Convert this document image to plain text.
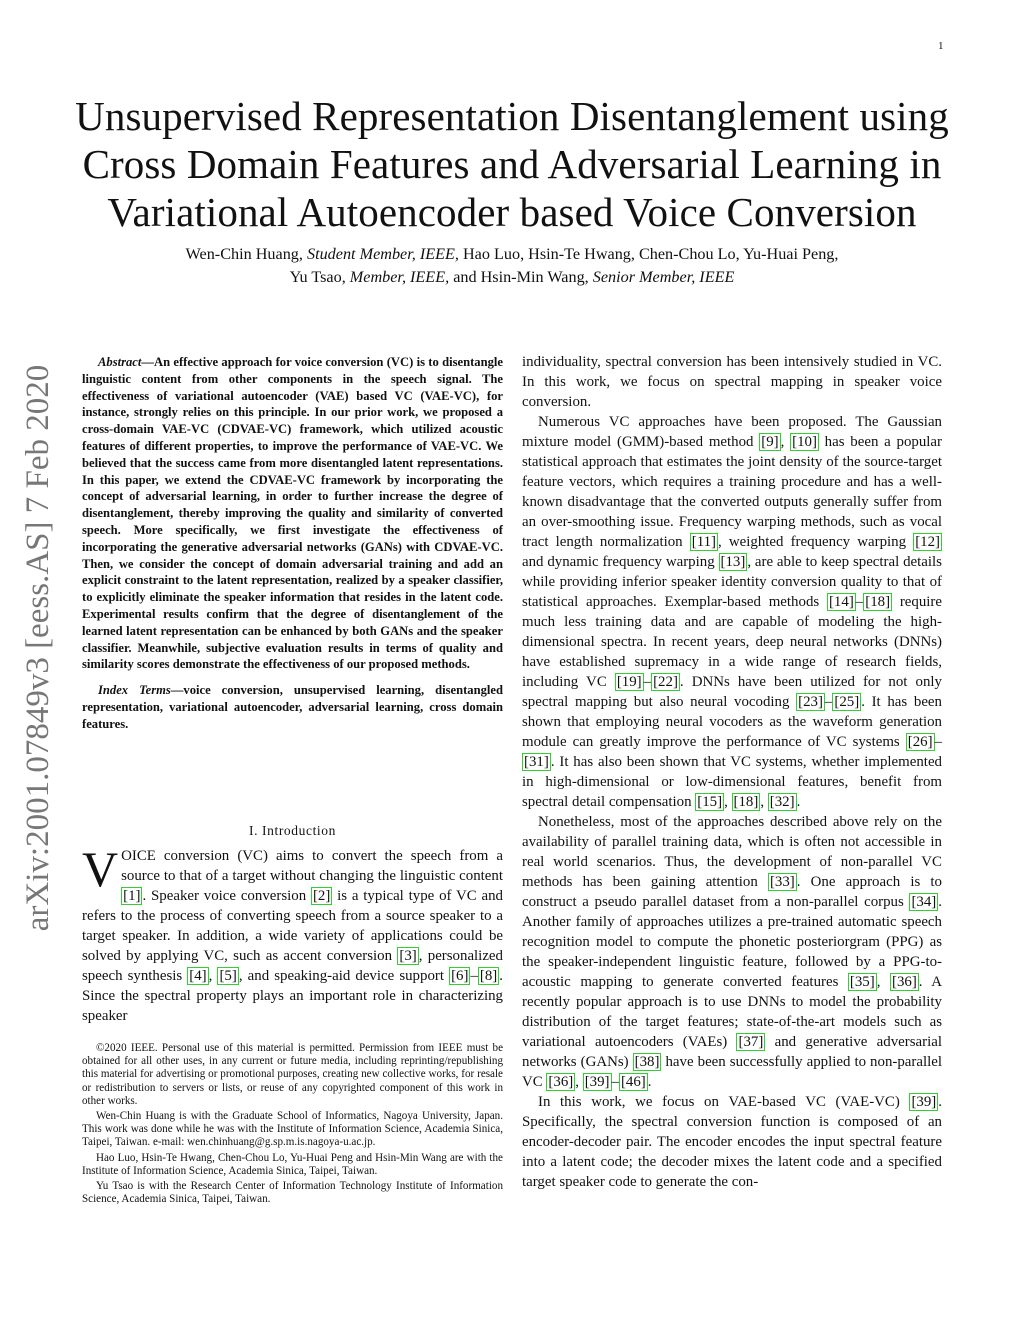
1
arXiv:2001.07849v3 [eess.AS] 7 Feb 2020
Unsupervised Representation Disentanglement using Cross Domain Features and Adversarial Learning in Variational Autoencoder based Voice Conversion
Wen-Chin Huang, Student Member, IEEE, Hao Luo, Hsin-Te Hwang, Chen-Chou Lo, Yu-Huai Peng,
Yu Tsao, Member, IEEE, and Hsin-Min Wang, Senior Member, IEEE

Abstract—An effective approach for voice conversion (VC) is to disentangle linguistic content from other components in the speech signal. The effectiveness of variational autoencoder (VAE) based VC (VAE-VC), for instance, strongly relies on this principle. In our prior work, we proposed a cross-domain VAE-VC (CDVAE-VC) framework, which utilized acoustic features of different properties, to improve the performance of VAE-VC. We believed that the success came from more disentangled latent representations. In this paper, we extend the CDVAE-VC framework by incorporating the concept of adversarial learning, in order to further increase the degree of disentanglement, thereby improving the quality and similarity of converted speech. More specifically, we first investigate the effectiveness of incorporating the generative adversarial networks (GANs) with CDVAE-VC. Then, we consider the concept of domain adversarial training and add an explicit constraint to the latent representation, realized by a speaker classifier, to explicitly eliminate the speaker information that resides in the latent code. Experimental results confirm that the degree of disentanglement of the learned latent representation can be enhanced by both GANs and the speaker classifier. Meanwhile, subjective evaluation results in terms of quality and similarity scores demonstrate the effectiveness of our proposed methods.

Index Terms—voice conversion, unsupervised learning, disentangled representation, variational autoencoder, adversarial learning, cross domain features.

I. Introduction

VOICE conversion (VC) aims to convert the speech from a source to that of a target without changing the linguistic content [1] . Speaker voice conversion [2] is a typical type of VC and refers to the process of converting speech from a source speaker to a target speaker. In addition, a wide variety of applications could be solved by applying VC, such as accent conversion [3] , personalized speech synthesis [4] , [5] , and speaking-aid device support [6] – [8] . Since the spectral property plays an important role in characterizing speaker

©2020 IEEE. Personal use of this material is permitted. Permission from IEEE must be obtained for all other uses, in any current or future media, including reprinting/republishing this material for advertising or promotional purposes, creating new collective works, for resale or redistribution to servers or lists, or reuse of any copyrighted component of this work in other works.

Wen-Chin Huang is with the Graduate School of Informatics, Nagoya University, Japan. This work was done while he was with the Institute of Information Science, Academia Sinica, Taipei, Taiwan. e-mail: wen.chinhuang@g.sp.m.is.nagoya-u.ac.jp.

Hao Luo, Hsin-Te Hwang, Chen-Chou Lo, Yu-Huai Peng and Hsin-Min Wang are with the Institute of Information Science, Academia Sinica, Taipei, Taiwan.

Yu Tsao is with the Research Center of Information Technology Institute of Information Science, Academia Sinica, Taipei, Taiwan.

individuality, spectral conversion has been intensively studied in VC. In this work, we focus on spectral mapping in speaker voice conversion.

Numerous VC approaches have been proposed. The Gaussian mixture model (GMM)-based method [9] , [10] has been a popular statistical approach that estimates the joint density of the source-target feature vectors, which requires a training procedure and has a well-known disadvantage that the converted outputs generally suffer from an over-smoothing issue. Frequency warping methods, such as vocal tract length normalization [11] , weighted frequency warping [12] and dynamic frequency warping [13] , are able to keep spectral details while providing inferior speaker identity conversion quality to that of statistical approaches. Exemplar-based methods [14] – [18] require much less training data and are capable of modeling the high-dimensional spectra. In recent years, deep neural networks (DNNs) have established supremacy in a wide range of research fields, including VC [19] – [22] . DNNs have been utilized for not only spectral mapping but also neural vocoding [23] – [25] . It has been shown that employing neural vocoders as the waveform generation module can greatly improve the performance of VC systems [26] –[31] . It has also been shown that VC systems, whether implemented in high-dimensional or low-dimensional features, benefit from spectral detail compensation [15] , [18] , [32] .

Nonetheless, most of the approaches described above rely on the availability of parallel training data, which is often not accessible in real world scenarios. Thus, the development of non-parallel VC methods has been gaining attention [33] . One approach is to construct a pseudo parallel dataset from a non-parallel corpus [34] . Another family of approaches utilizes a pre-trained automatic speech recognition model to compute the phonetic posteriorgram (PPG) as the speaker-independent linguistic feature, followed by a PPG-to-acoustic mapping to generate converted features [35] , [36] . A recently popular approach is to use DNNs to model the probability distribution of the target features; state-of-the-art models such as variational autoencoders (VAEs) [37] and generative adversarial networks (GANs) [38] have been successfully applied to non-parallel VC [36] , [39] – [46] .

In this work, we focus on VAE-based VC (VAE-VC) [39] . Specifically, the spectral conversion function is composed of an encoder-decoder pair. The encoder encodes the input spectral feature into a latent code; the decoder mixes the latent code and a specified target speaker code to generate the con-
